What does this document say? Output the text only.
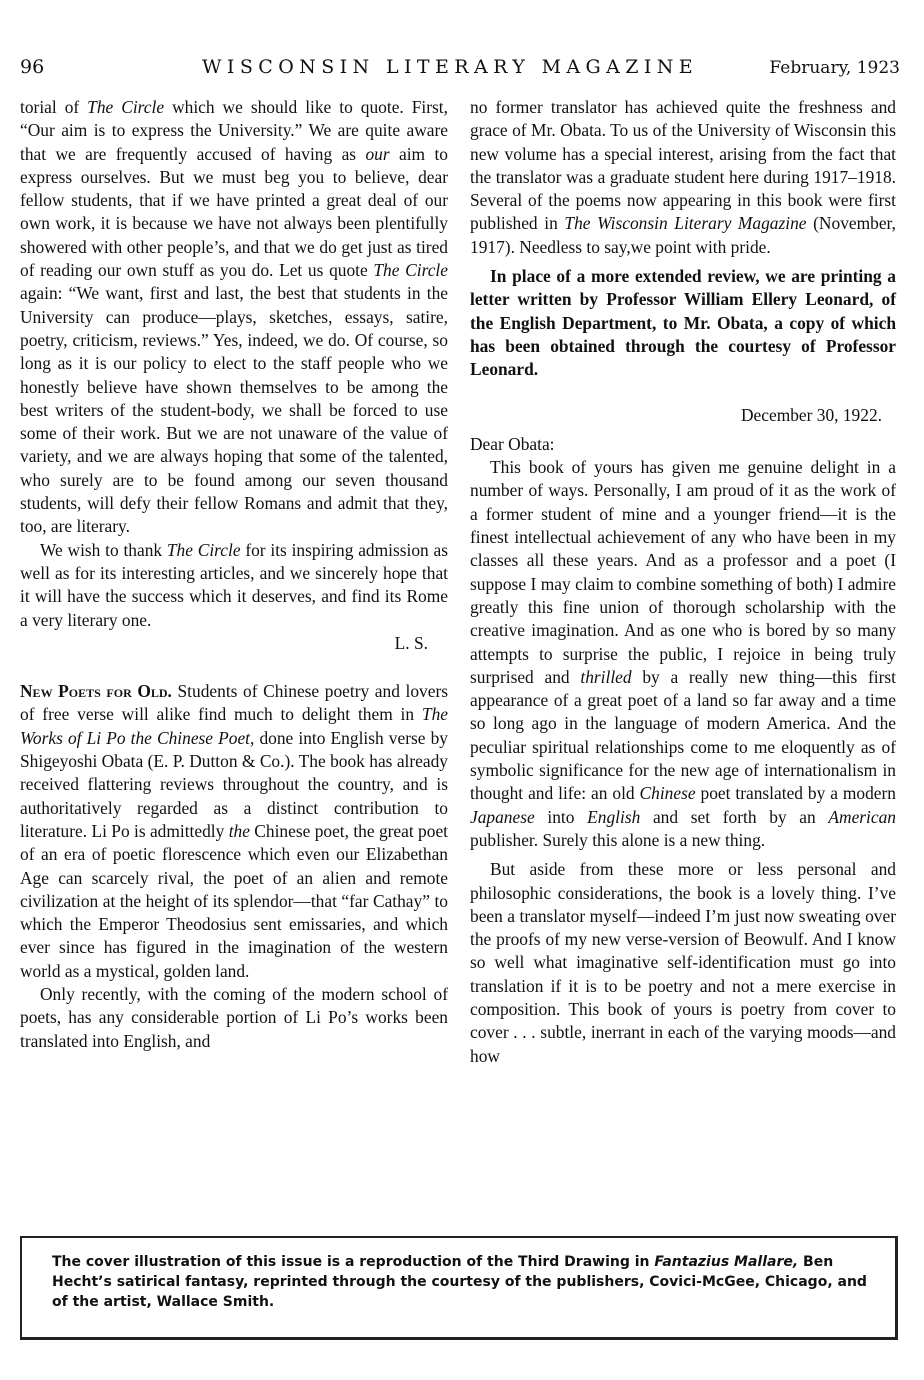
96	WISCONSIN LITERARY MAGAZINE	February, 1923

torial of The Circle which we should like to quote. First, “Our aim is to express the University.” We are quite aware that we are frequently accused of having as our aim to express ourselves. But we must beg you to believe, dear fellow students, that if we have printed a great deal of our own work, it is because we have not always been plentifully showered with other people’s, and that we do get just as tired of reading our own stuff as you do. Let us quote The Circle again: “We want, first and last, the best that students in the University can produce—plays, sketches, essays, satire, poetry, criticism, reviews.” Yes, indeed, we do. Of course, so long as it is our policy to elect to the staff people who we honestly believe have shown themselves to be among the best writers of the student-body, we shall be forced to use some of their work. But we are not unaware of the value of variety, and we are always hoping that some of the talented, who surely are to be found among our seven thousand students, will defy their fellow Romans and admit that they, too, are literary.

We wish to thank The Circle for its inspiring admission as well as for its interesting articles, and we sincerely hope that it will have the success which it deserves, and find its Rome a very literary one.

L. S.

New Poets for Old. Students of Chinese poetry and lovers of free verse will alike find much to delight them in The Works of Li Po the Chinese Poet, done into English verse by Shigeyoshi Obata (E. P. Dutton & Co.). The book has already received flattering reviews throughout the country, and is authoritatively regarded as a distinct contribution to literature. Li Po is admittedly the Chinese poet, the great poet of an era of poetic florescence which even our Elizabethan Age can scarcely rival, the poet of an alien and remote civilization at the height of its splendor—that “far Cathay” to which the Emperor Theodosius sent emissaries, and which ever since has figured in the imagination of the western world as a mystical, golden land.

Only recently, with the coming of the modern school of poets, has any considerable portion of Li Po’s works been translated into English, and

no former translator has achieved quite the freshness and grace of Mr. Obata. To us of the University of Wisconsin this new volume has a special interest, arising from the fact that the translator was a graduate student here during 1917–1918. Several of the poems now appearing in this book were first published in The Wisconsin Literary Magazine (November, 1917). Needless to say,we point with pride.

In place of a more extended review, we are printing a letter written by Professor William Ellery Leonard, of the English Department, to Mr. Obata, a copy of which has been obtained through the courtesy of Professor Leonard.

December 30, 1922.

Dear Obata:

This book of yours has given me genuine delight in a number of ways. Personally, I am proud of it as the work of a former student of mine and a younger friend—it is the finest intellectual achievement of any who have been in my classes all these years. And as a professor and a poet (I suppose I may claim to combine something of both) I admire greatly this fine union of thorough scholarship with the creative imagination. And as one who is bored by so many attempts to surprise the public, I rejoice in being truly surprised and thrilled by a really new thing—this first appearance of a great poet of a land so far away and a time so long ago in the language of modern America. And the peculiar spiritual relationships come to me eloquently as of symbolic significance for the new age of internationalism in thought and life: an old Chinese poet translated by a modern Japanese into English and set forth by an American publisher. Surely this alone is a new thing.

But aside from these more or less personal and philosophic considerations, the book is a lovely thing. I’ve been a translator myself—indeed I’m just now sweating over the proofs of my new verse-version of Beowulf. And I know so well what imaginative self-identification must go into translation if it is to be poetry and not a mere exercise in composition. This book of yours is poetry from cover to cover . . . subtle, inerrant in each of the varying moods—and how

The cover illustration of this issue is a reproduction of the Third Drawing in Fantazius Mallare, Ben Hecht’s satirical fantasy, reprinted through the courtesy of the publishers, Covici-McGee, Chicago, and of the artist, Wallace Smith.
